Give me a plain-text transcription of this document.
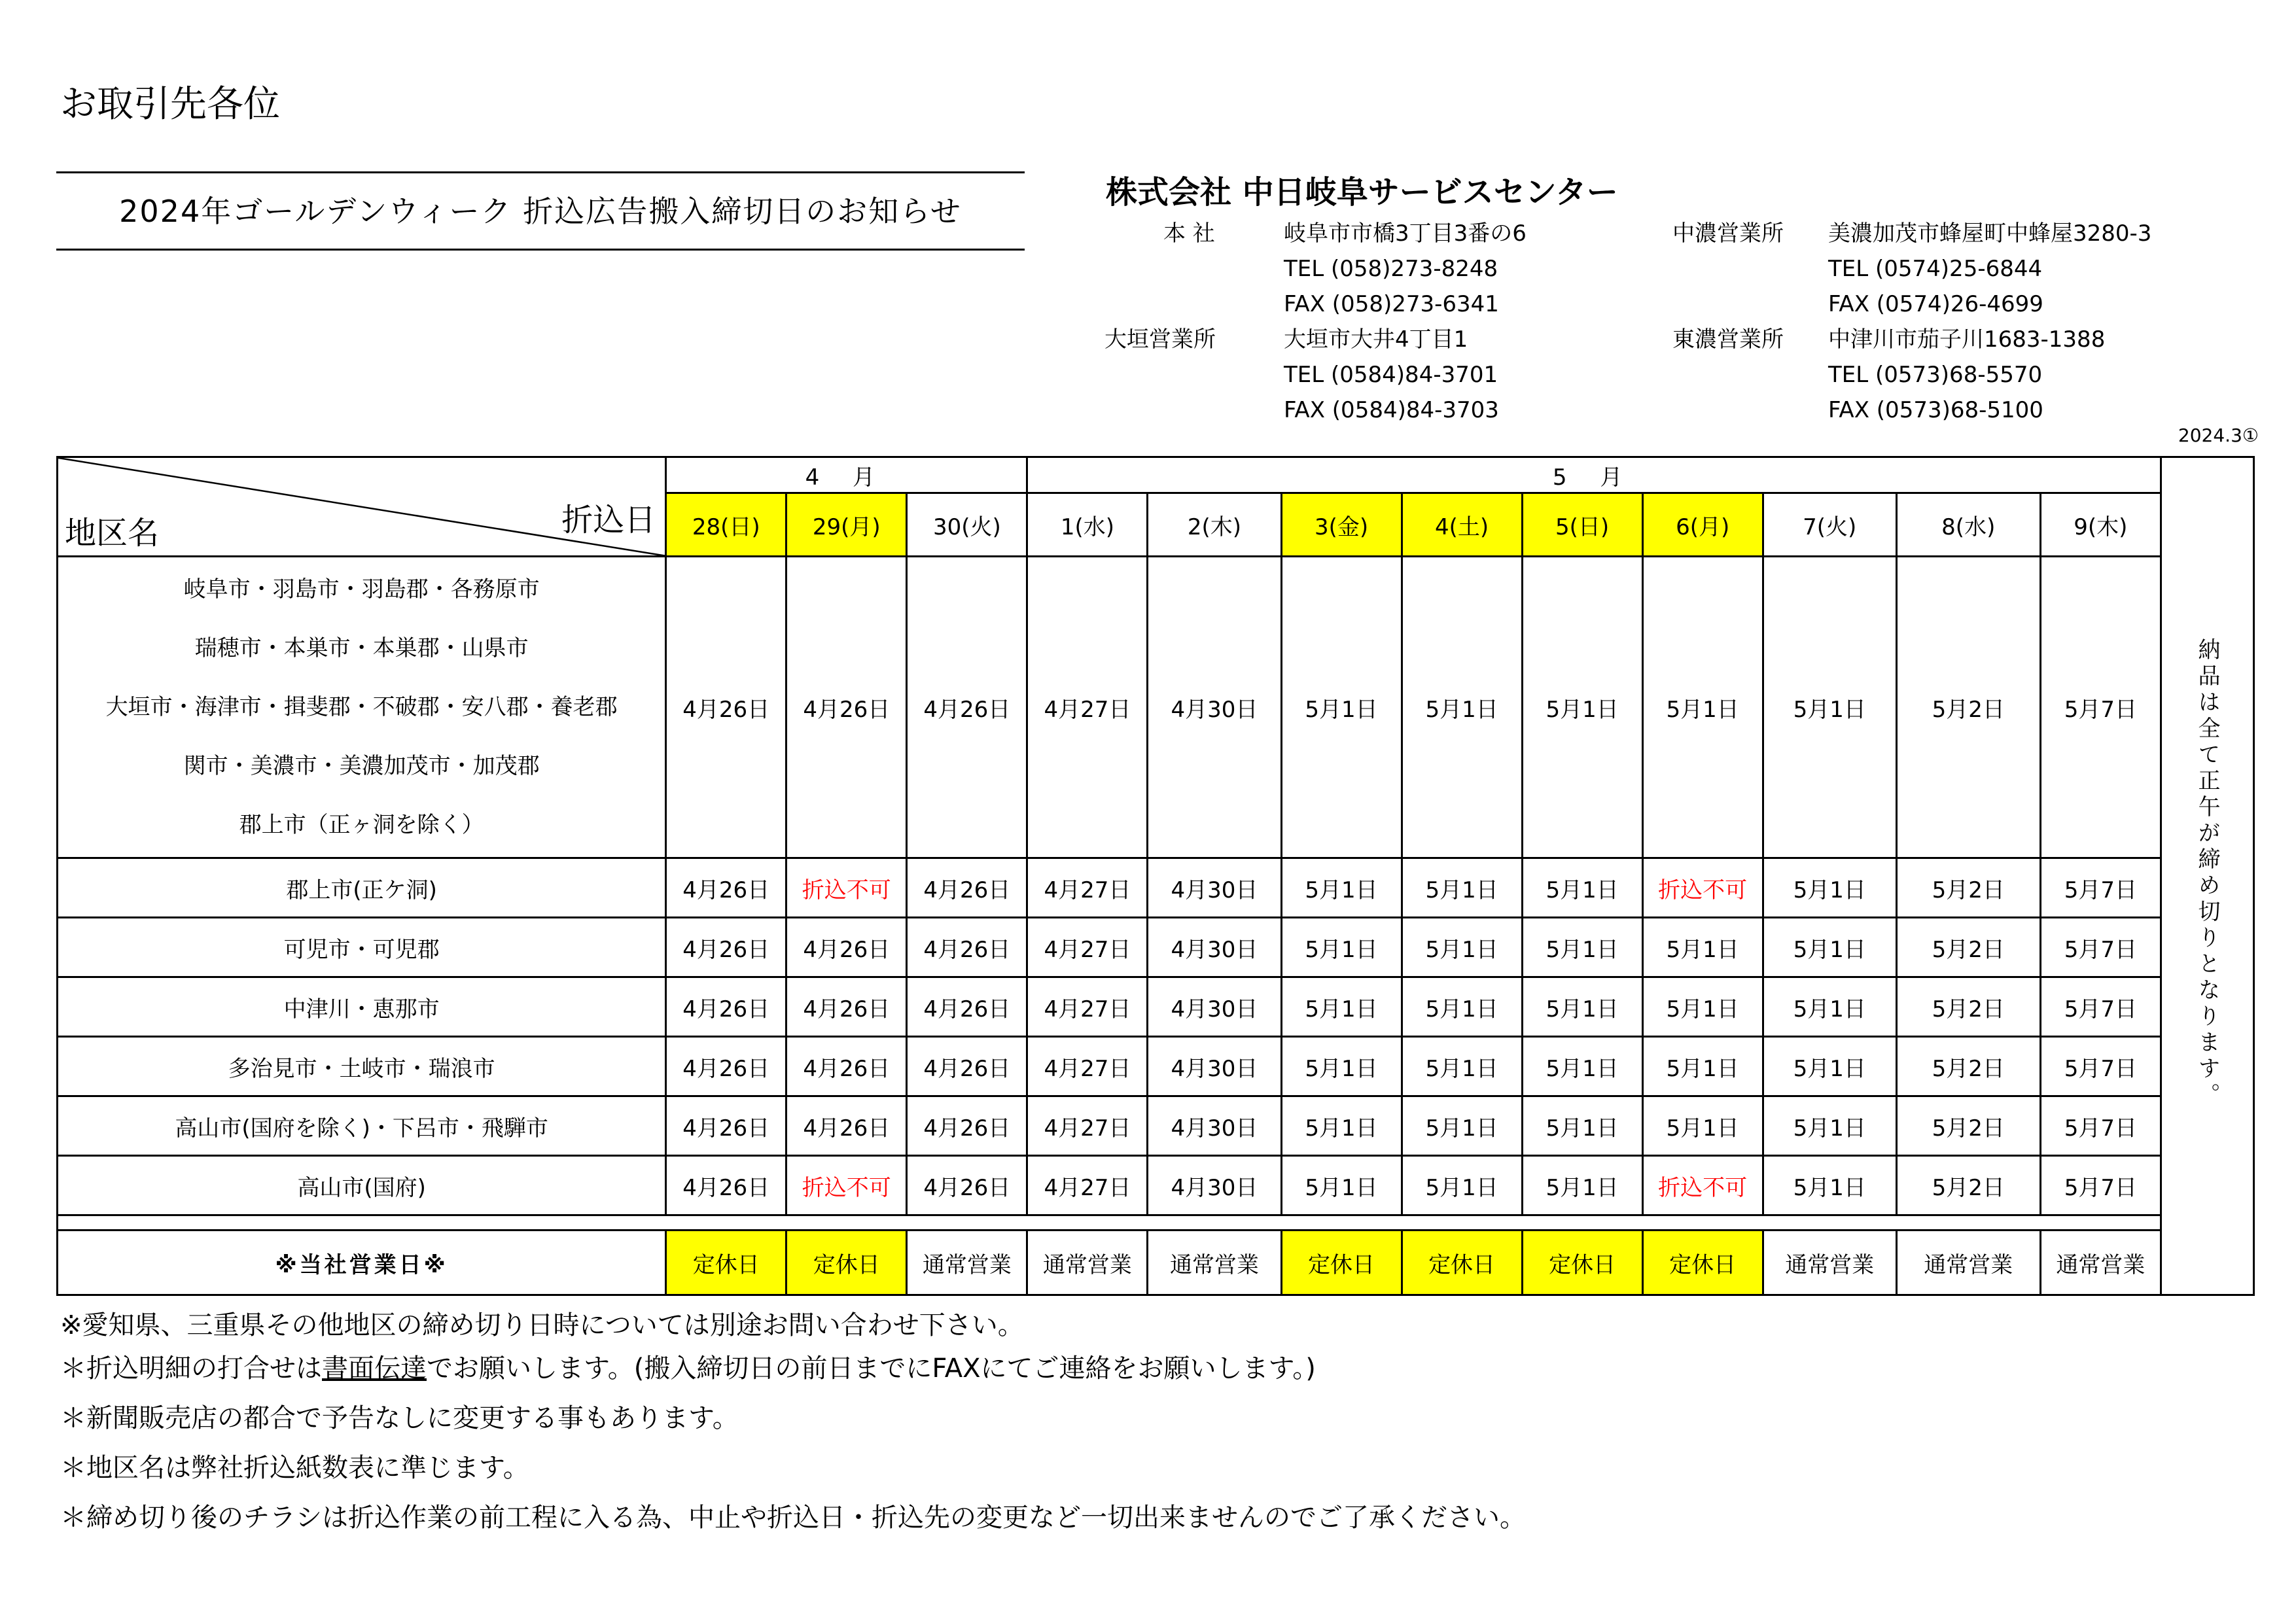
お取引先各位
2024年ゴールデンウィーク 折込広告搬入締切日のお知らせ
株式会社 中日岐阜サービスセンター
本 社	岐阜市市橋3丁目3番の6
TEL (058)273-8248
FAX (058)273-6341
大垣営業所	大垣市大井4丁目1
TEL (0584)84-3701
FAX (0584)84-3703
中濃営業所 美濃加茂市蜂屋町中蜂屋3280-3
TEL (0574)25-6844
FAX (0574)26-4699
東濃営業所 中津川市茄子川1683-1388
TEL (0573)68-5570
FAX (0573)68-5100
2024.3①
折込日
地区名	4 月			5 月									納品は全て正午が締め切りとなります。
	28(日)	29(月)	30(火)	1(水)	2(木)	3(金)	4(土)	5(日)	6(月)	7(火)	8(水)	9(木)	

岐阜市・羽島市・羽島郡・各務原市
瑞穂市・本巣市・本巣郡・山県市
大垣市・海津市・揖斐郡・不破郡・安八郡・養老郡
関市・美濃市・美濃加茂市・加茂郡
郡上市（正ヶ洞を除く）	4月26日	4月26日	4月26日	4月27日	4月30日	5月1日	5月1日	5月1日	5月1日	5月1日	5月2日	5月7日	
郡上市(正ケ洞)	4月26日	折込不可	4月26日	4月27日	4月30日	5月1日	5月1日	5月1日	折込不可	5月1日	5月2日	5月7日	
可児市・可児郡	4月26日	4月26日	4月26日	4月27日	4月30日	5月1日	5月1日	5月1日	5月1日	5月1日	5月2日	5月7日	
中津川・恵那市	4月26日	4月26日	4月26日	4月27日	4月30日	5月1日	5月1日	5月1日	5月1日	5月1日	5月2日	5月7日	
多治見市・土岐市・瑞浪市	4月26日	4月26日	4月26日	4月27日	4月30日	5月1日	5月1日	5月1日	5月1日	5月1日	5月2日	5月7日	
高山市(国府を除く)・下呂市・飛騨市	4月26日	4月26日	4月26日	4月27日	4月30日	5月1日	5月1日	5月1日	5月1日	5月1日	5月2日	5月7日	
高山市(国府)	4月26日	折込不可	4月26日	4月27日	4月30日	5月1日	5月1日	5月1日	折込不可	5月1日	5月2日	5月7日	

※当社営業日※	定休日	定休日	通常営業	通常営業	通常営業	定休日	定休日	定休日	定休日	通常営業	通常営業	通常営業	
※愛知県、三重県その他地区の締め切り日時については別途お問い合わせ下さい。
＊折込明細の打合せは書面伝達でお願いします。(搬入締切日の前日までにFAXにてご連絡をお願いします。)
＊新聞販売店の都合で予告なしに変更する事もあります。
＊地区名は弊社折込紙数表に準じます。
＊締め切り後のチラシは折込作業の前工程に入る為、中止や折込日・折込先の変更など一切出来ませんのでご了承ください。
